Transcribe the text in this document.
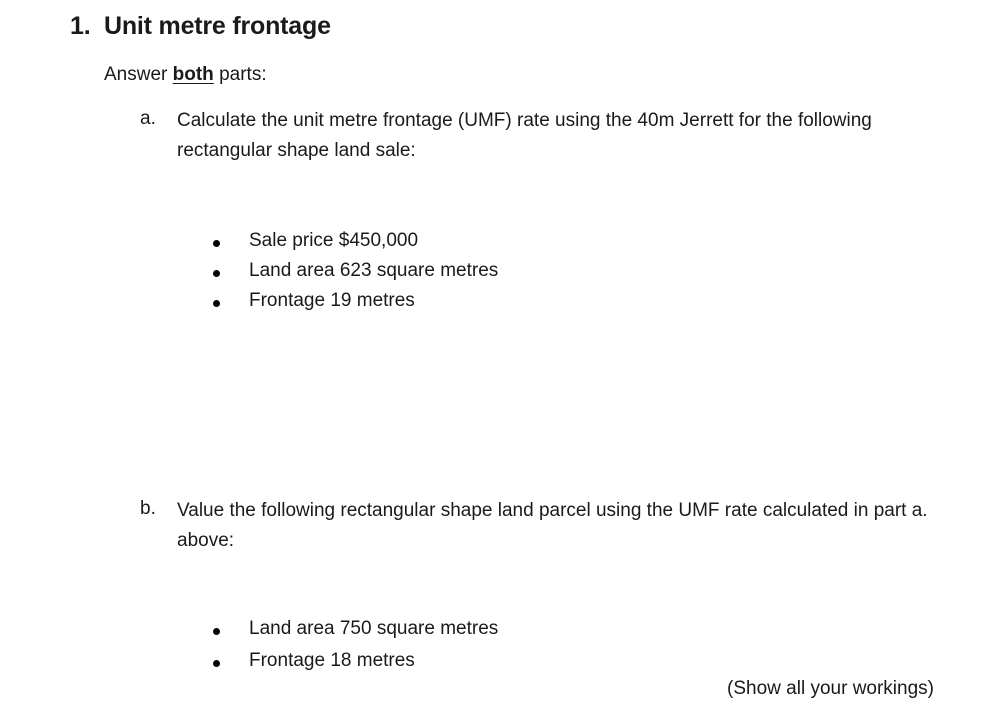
1. Unit metre frontage
Answer both parts:
a. Calculate the unit metre frontage (UMF) rate using the 40m Jerrett for the following rectangular shape land sale:
Sale price $450,000
Land area 623 square metres
Frontage 19 metres
b. Value the following rectangular shape land parcel using the UMF rate calculated in part a. above:
Land area 750 square metres
Frontage 18 metres
(Show all your workings)
